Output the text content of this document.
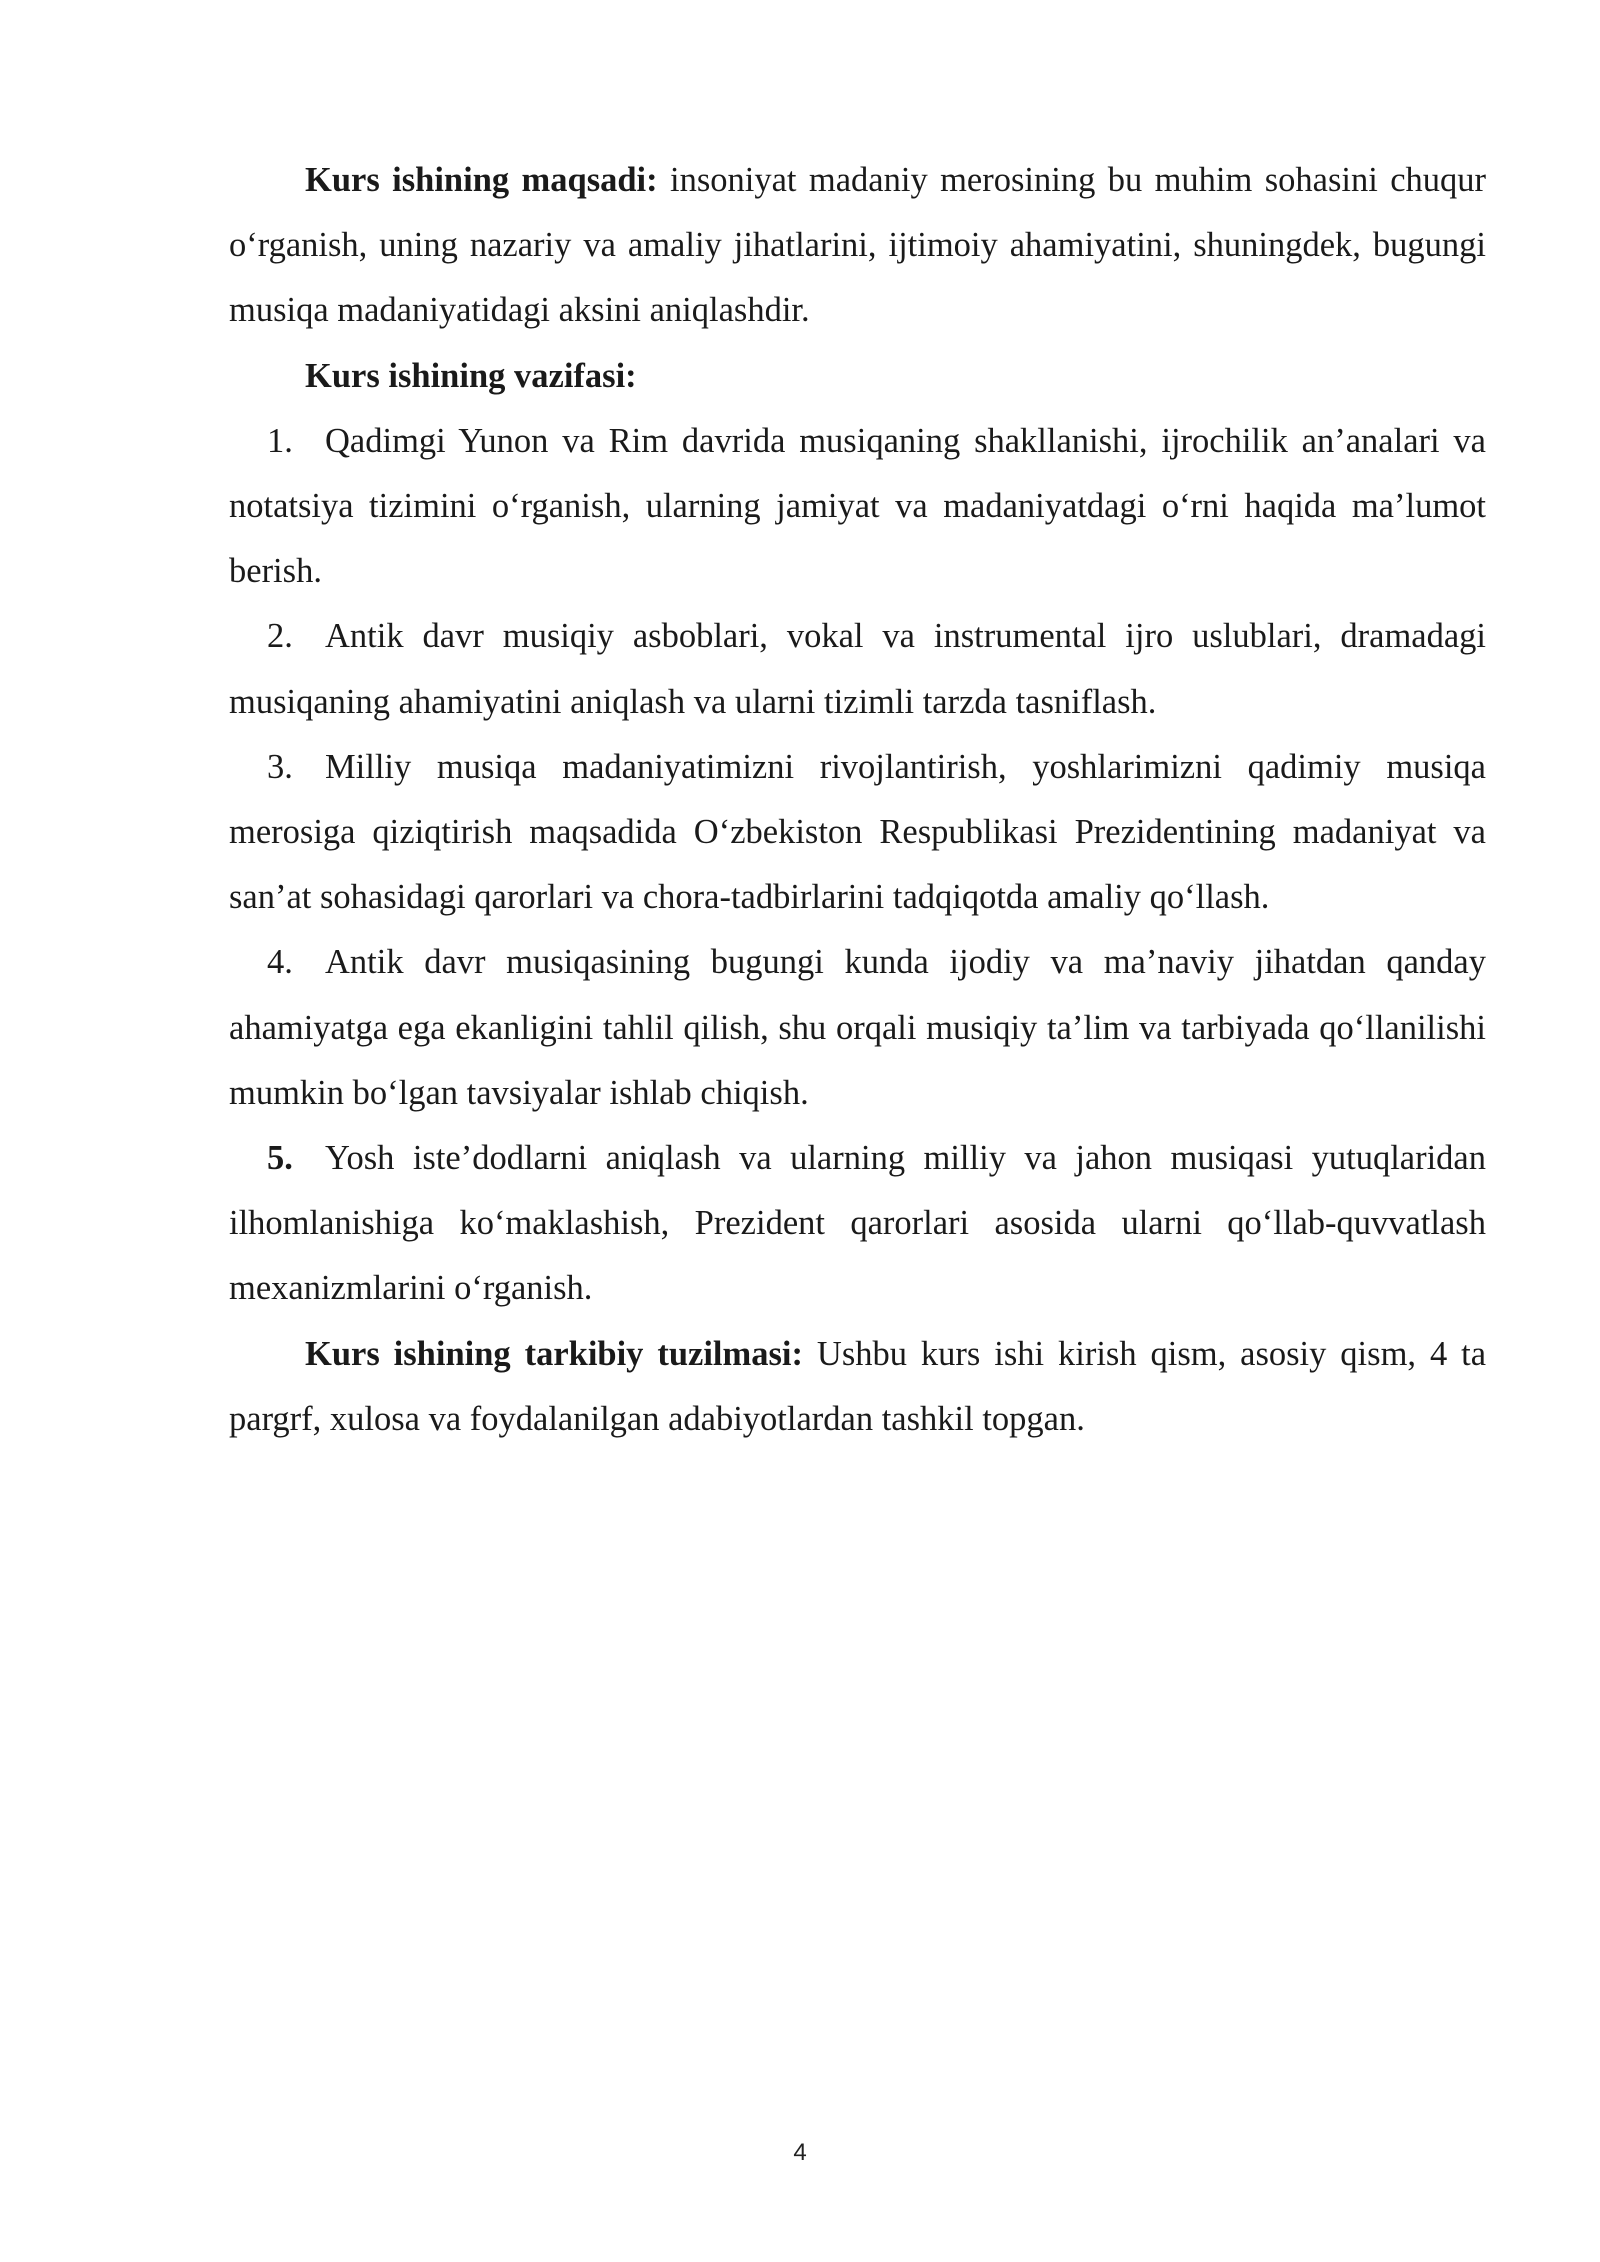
Kurs ishining maqsadi: insoniyat madaniy merosining bu muhim sohasini chuqur o‘rganish, uning nazariy va amaliy jihatlarini, ijtimoiy ahamiyatini, shuningdek, bugungi musiqa madaniyatidagi aksini aniqlashdir.

Kurs ishining vazifasi:

1. Qadimgi Yunon va Rim davrida musiqaning shakllanishi, ijrochilik an’analari va notatsiya tizimini o‘rganish, ularning jamiyat va madaniyatdagi o‘rni haqida ma’lumot berish.

2. Antik davr musiqiy asboblari, vokal va instrumental ijro uslublari, dramadagi musiqaning ahamiyatini aniqlash va ularni tizimli tarzda tasniflash.

3. Milliy musiqa madaniyatimizni rivojlantirish, yoshlarimizni qadimiy musiqa merosiga qiziqtirish maqsadida O‘zbekiston Respublikasi Prezidentining madaniyat va san’at sohasidagi qarorlari va chora-tadbirlarini tadqiqotda amaliy qo‘llash.

4. Antik davr musiqasining bugungi kunda ijodiy va ma’naviy jihatdan qanday ahamiyatga ega ekanligini tahlil qilish, shu orqali musiqiy ta’lim va tarbiyada qo‘llanilishi mumkin bo‘lgan tavsiyalar ishlab chiqish.

5. Yosh iste’dodlarni aniqlash va ularning milliy va jahon musiqasi yutuqlaridan ilhomlanishiga ko‘maklashish, Prezident qarorlari asosida ularni qo‘llab-quvvatlash mexanizmlarini o‘rganish.

Kurs ishining tarkibiy tuzilmasi: Ushbu kurs ishi kirish qism, asosiy qism, 4 ta pargrf, xulosa va foydalanilgan adabiyotlardan tashkil topgan.

4
